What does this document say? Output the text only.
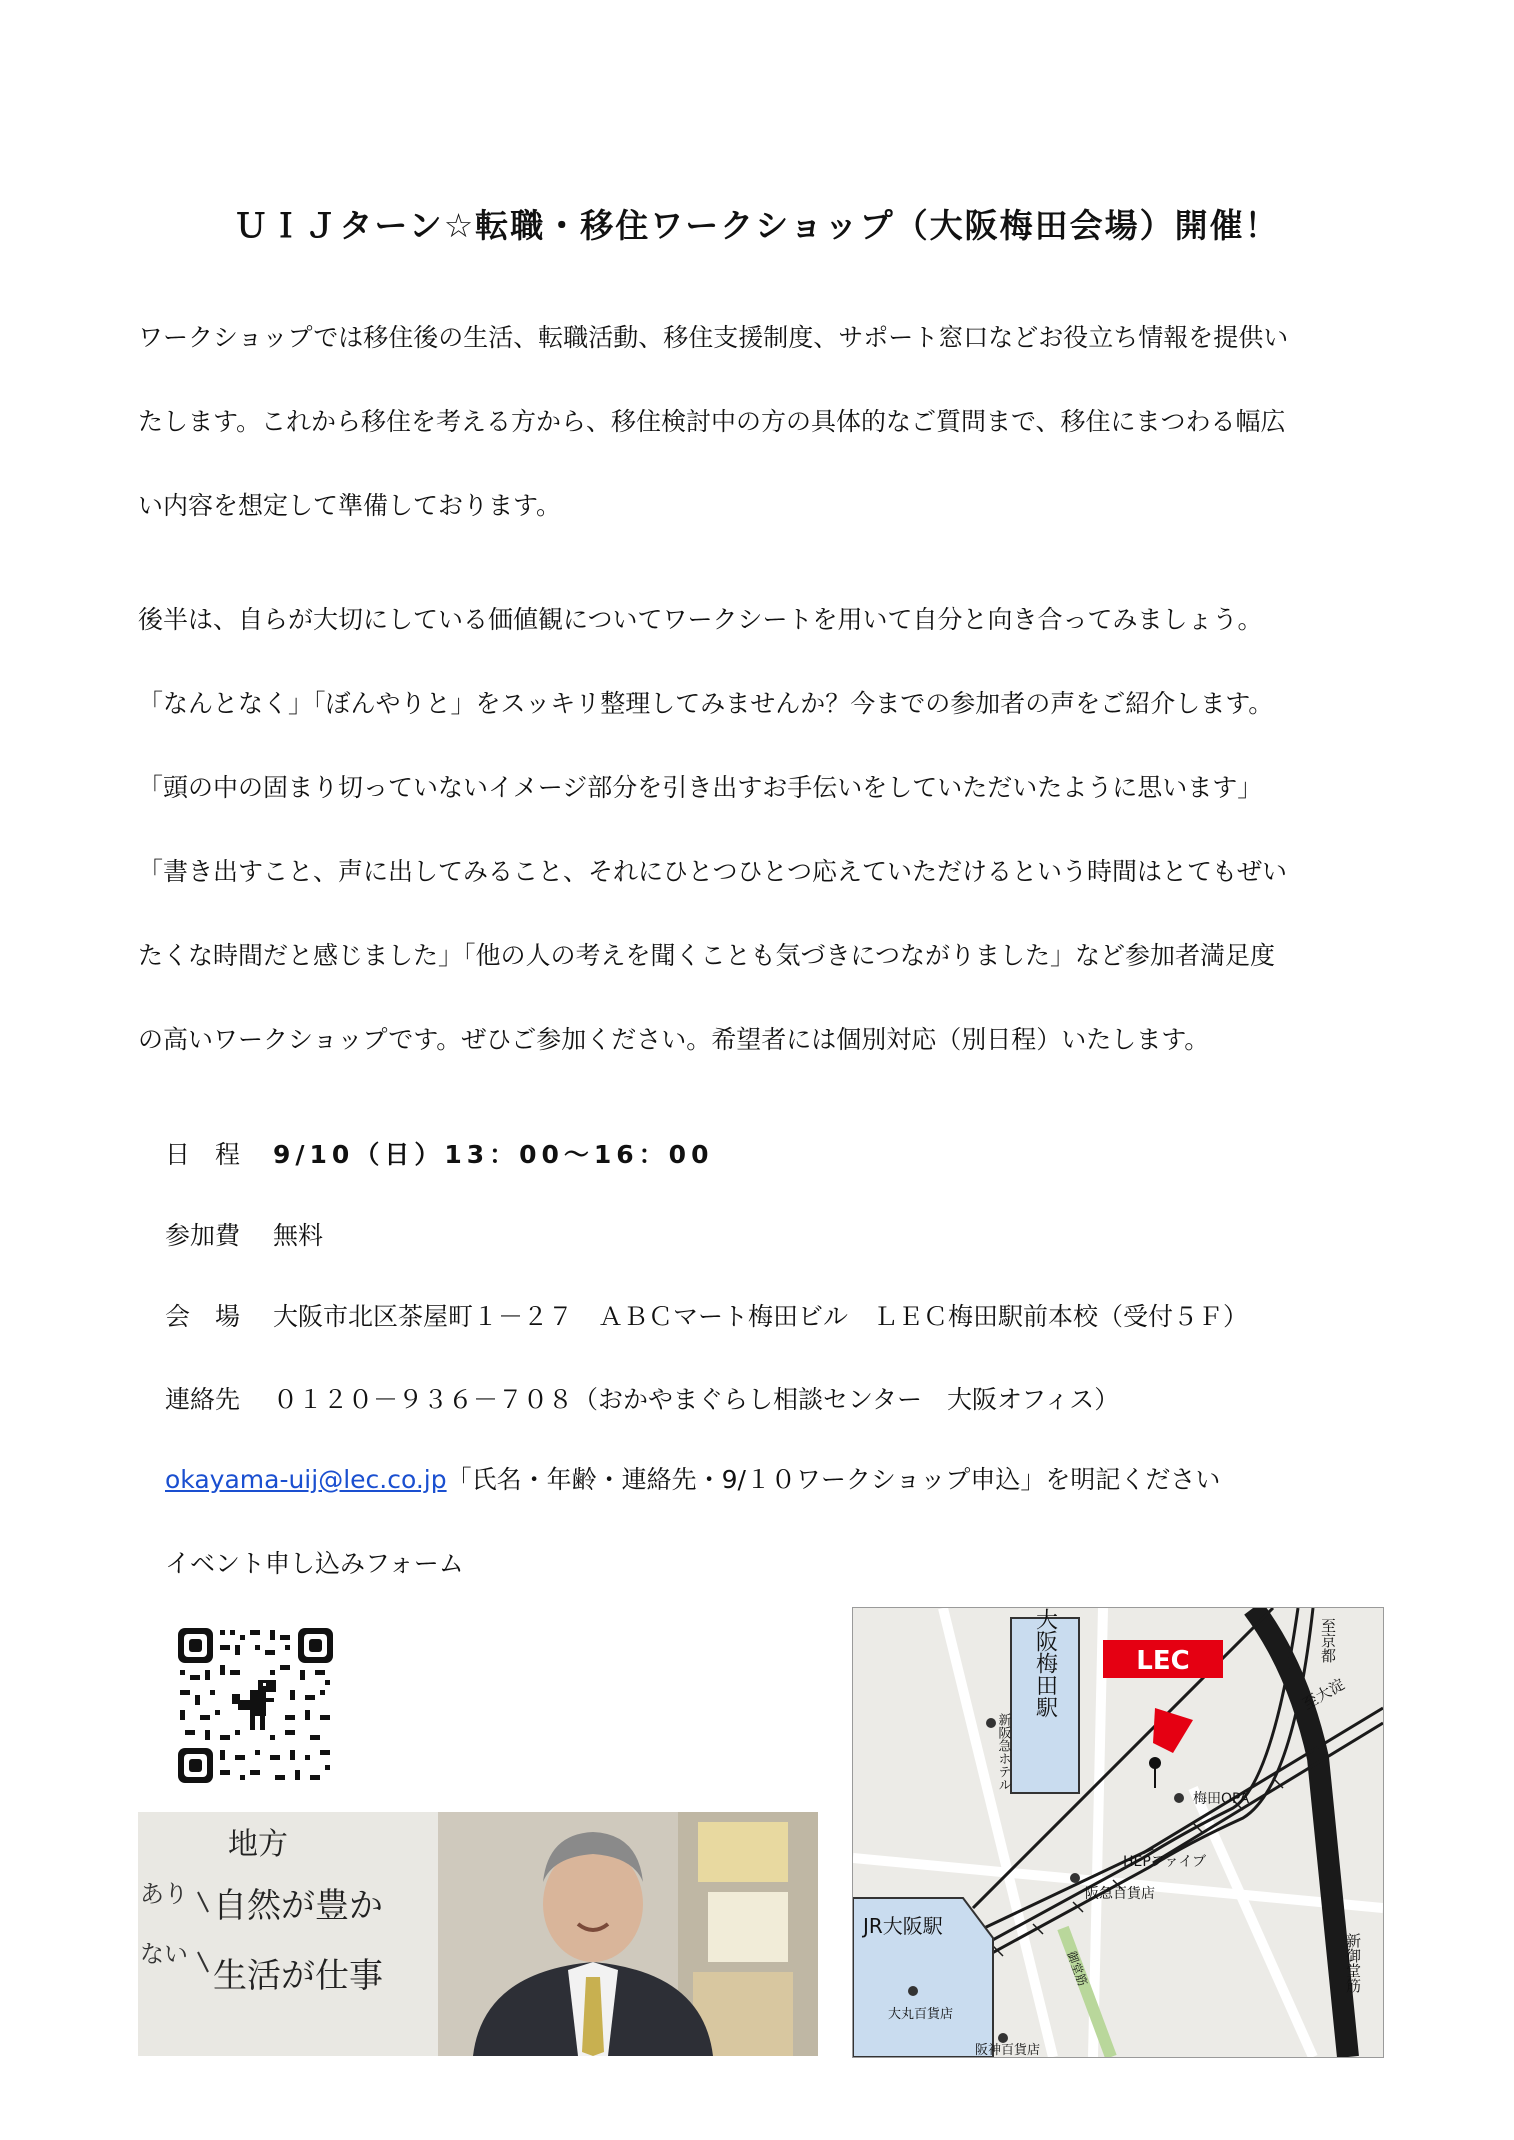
ＵＩＪターン☆転職・移住ワークショップ（大阪梅田会場）開催！
ワークショップでは移住後の生活、転職活動、移住支援制度、サポート窓口などお役立ち情報を提供い
たします。これから移住を考える方から、移住検討中の方の具体的なご質問まで、移住にまつわる幅広
い内容を想定して準備しております。
後半は、自らが大切にしている価値観についてワークシートを用いて自分と向き合ってみましょう。
「なんとなく」「ぼんやりと」をスッキリ整理してみませんか？今までの参加者の声をご紹介します。
「頭の中の固まり切っていないイメージ部分を引き出すお手伝いをしていただいたように思います」
「書き出すこと、声に出してみること、それにひとつひとつ応えていただけるという時間はとてもぜい
たくな時間だと感じました」「他の人の考えを聞くことも気づきにつながりました」など参加者満足度
の高いワークショップです。ぜひご参加ください。希望者には個別対応（別日程）いたします。
日　程 9/10（日）13：00～16：00
参加費 無料
会　場 大阪市北区茶屋町１－２７　ＡＢＣマート梅田ビル　ＬＥＣ梅田駅前本校（受付５Ｆ）
連絡先 ０１２０－９３６－７０８（おかやまぐらし相談センター　大阪オフィス）
okayama-uij@lec.co.jp「氏名・年齢・連絡先・9/１０ワークショップ申込」を明記ください
イベント申し込みフォーム
地方
自然が豊か
生活が仕事
あり
ない
大阪梅田駅
JR大阪駅
LEC
新阪急ホテル
至京都
至大淀
梅田OPA
HEPファイブ
阪急百貨店
大丸百貨店
阪神百貨店
新御堂筋
御堂筋
